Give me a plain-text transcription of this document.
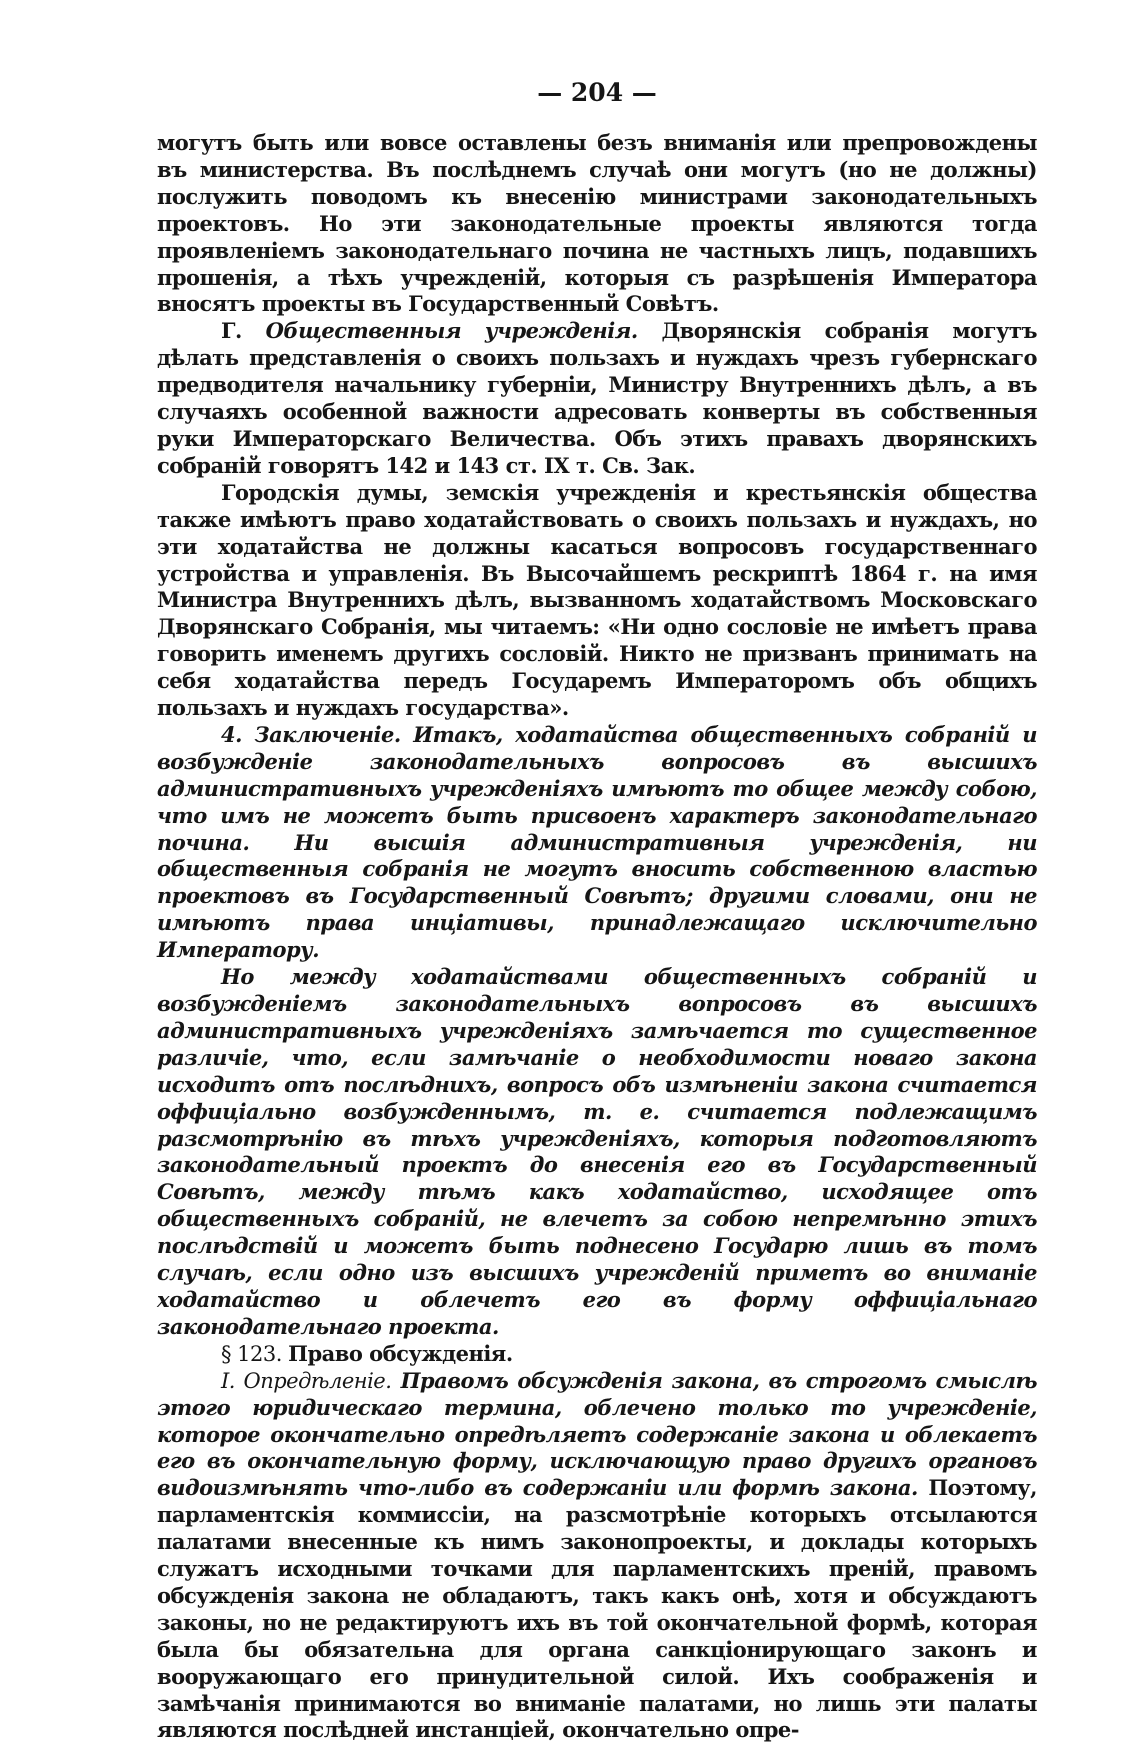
— 204 —

могутъ быть или вовсе оставлены безъ вниманія или препровождены въ министерства. Въ послѣднемъ случаѣ они могутъ (но не должны) послужить поводомъ къ внесенію министрами законодательныхъ проектовъ. Но эти законодательные проекты являются тогда проявленіемъ законодательнаго почина не частныхъ лицъ, подавшихъ прошенія, а тѣхъ учрежденій, которыя съ разрѣшенія Императора вносятъ проекты въ Государственный Совѣтъ.

Г. Общественныя учрежденія. Дворянскія собранія могутъ дѣлать представленія о своихъ пользахъ и нуждахъ чрезъ губернскаго предводителя начальнику губерніи, Министру Внутреннихъ дѣлъ, а въ случаяхъ особенной важности адресовать конверты въ собственныя руки Императорскаго Величества. Объ этихъ правахъ дворянскихъ собраній говорятъ 142 и 143 ст. IX т. Св. Зак.

Городскія думы, земскія учрежденія и крестьянскія общества также имѣютъ право ходатайствовать о своихъ пользахъ и нуждахъ, но эти ходатайства не должны касаться вопросовъ государственнаго устройства и управленія. Въ Высочайшемъ рескриптѣ 1864 г. на имя Министра Внутреннихъ дѣлъ, вызванномъ ходатайствомъ Московскаго Дворянскаго Собранія, мы читаемъ: «Ни одно сословіе не имѣетъ права говорить именемъ другихъ сословій. Никто не призванъ принимать на себя ходатайства передъ Государемъ Императоромъ объ общихъ пользахъ и нуждахъ государства».

4. Заключеніе. Итакъ, ходатайства общественныхъ собраній и возбужденіе законодательныхъ вопросовъ въ высшихъ административныхъ учрежденіяхъ имѣютъ то общее между собою, что имъ не можетъ быть присвоенъ характеръ законодательнаго почина. Ни высшія административныя учрежденія, ни общественныя собранія не могутъ вносить собственною властью проектовъ въ Государственный Совѣтъ; другими словами, они не имѣютъ права инціативы, принадлежащаго исключительно Императору.

Но между ходатайствами общественныхъ собраній и возбужденіемъ законодательныхъ вопросовъ въ высшихъ административныхъ учрежденіяхъ замѣчается то существенное различіе, что, если замѣчаніе о необходимости новаго закона исходитъ отъ послѣднихъ, вопросъ объ измѣненіи закона считается оффиціально возбужденнымъ, т. е. считается подлежащимъ разсмотрѣнію въ тѣхъ учрежденіяхъ, которыя подготовляютъ законодательный проектъ до внесенія его въ Государственный Совѣтъ, между тѣмъ какъ ходатайство, исходящее отъ общественныхъ собраній, не влечетъ за собою непремѣнно этихъ послѣдствій и можетъ быть поднесено Государю лишь въ томъ случаѣ, если одно изъ высшихъ учрежденій приметъ во вниманіе ходатайство и облечетъ его въ форму оффиціальнаго законодательнаго проекта.

§ 123. Право обсужденія.

I. Опредѣленіе. Правомъ обсужденія закона, въ строгомъ смыслѣ этого юридическаго термина, облечено только то учрежденіе, которое окончательно опредѣляетъ содержаніе закона и облекаетъ его въ окончательную форму, исключающую право другихъ органовъ видоизмѣнять что-либо въ содержаніи или формѣ закона. Поэтому, парламентскія коммиссіи, на разсмотрѣніе которыхъ отсылаются палатами внесенные къ нимъ законопроекты, и доклады которыхъ служатъ исходными точками для парламентскихъ преній, правомъ обсужденія закона не обладаютъ, такъ какъ онѣ, хотя и обсуждаютъ законы, но не редактируютъ ихъ въ той окончательной формѣ, которая была бы обязательна для органа санкціонирующаго законъ и вооружающаго его принудительной силой. Ихъ соображенія и замѣчанія принимаются во вниманіе палатами, но лишь эти палаты являются послѣдней инстанціей, окончательно опре-
